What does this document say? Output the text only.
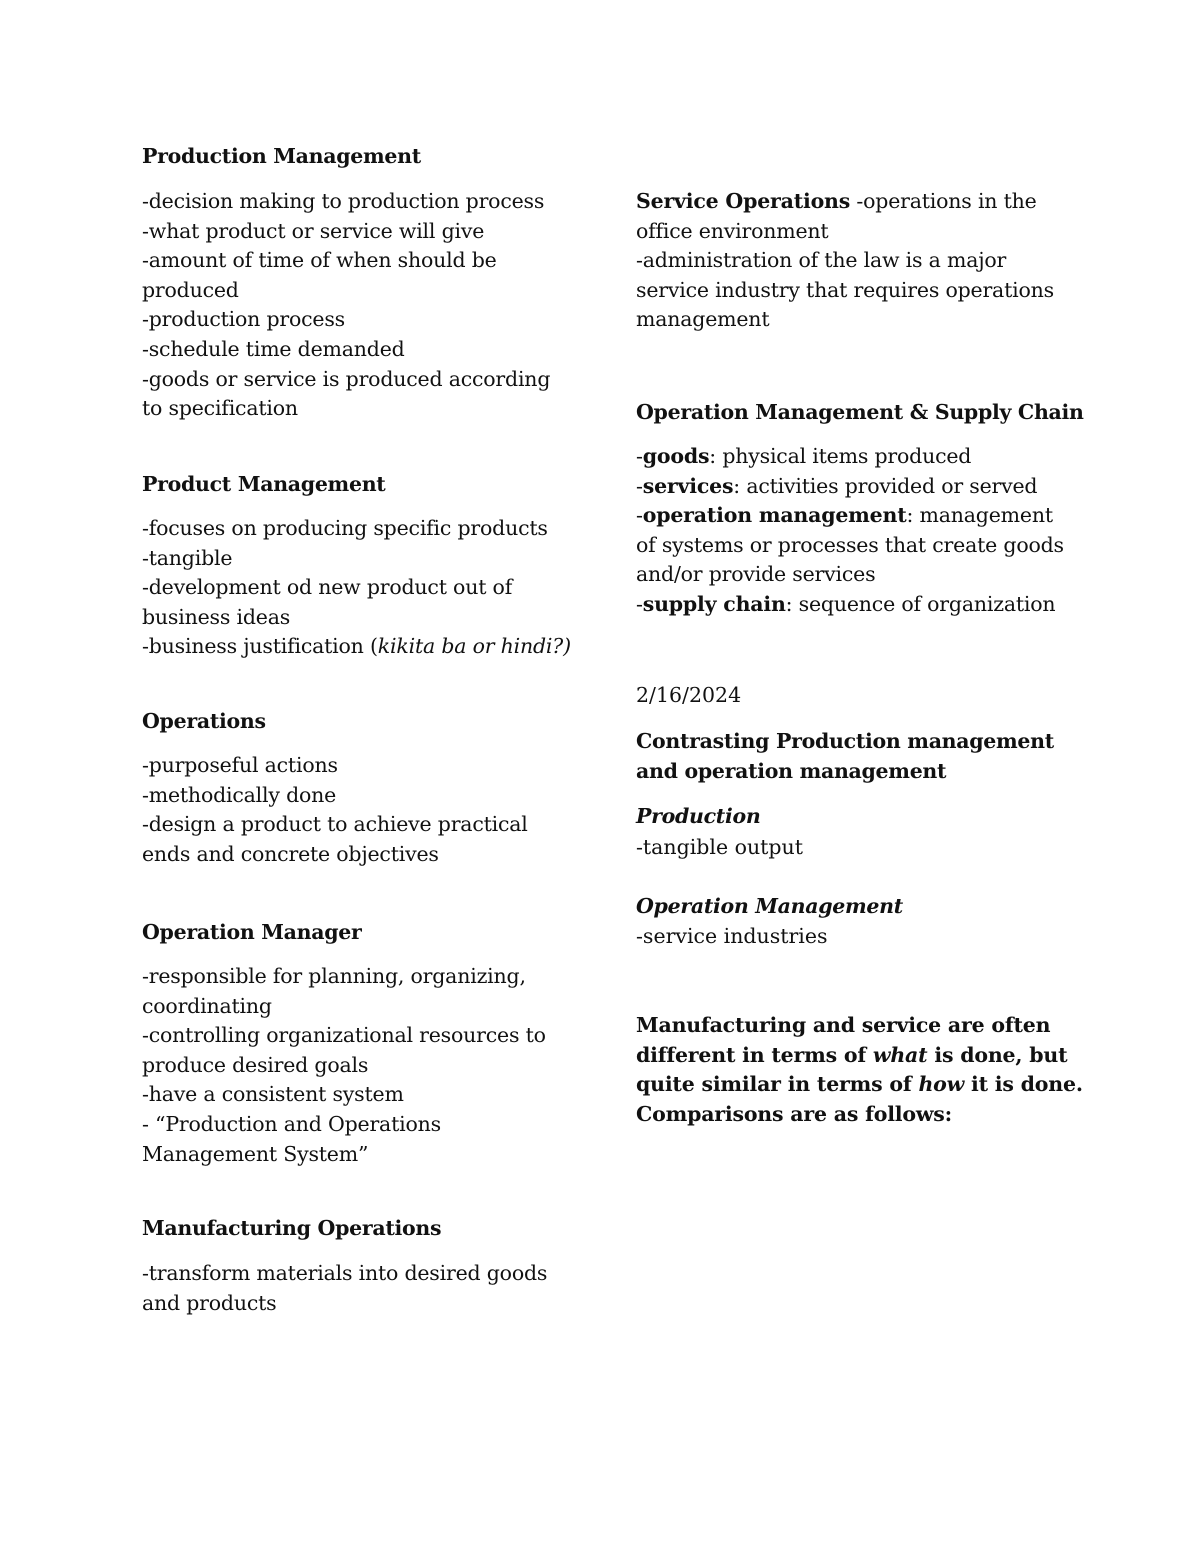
Production Management
-decision making to production process
-what product or service will give
-amount of time of when should be
produced
-production process
-schedule time demanded
-goods or service is produced according
to specification
Product Management
-focuses on producing specific products
-tangible
-development od new product out of
business ideas
-business justification (kikita ba or hindi?)
Operations
-purposeful actions
-methodically done
-design a product to achieve practical
ends and concrete objectives
Operation Manager
-responsible for planning, organizing,
coordinating
-controlling organizational resources to
produce desired goals
-have a consistent system
- “Production and Operations
Management System”
Manufacturing Operations
-transform materials into desired goods
and products
Service Operations -operations in the
office environment
-administration of the law is a major
service industry that requires operations
management
Operation Management & Supply Chain
-goods: physical items produced
-services: activities provided or served
-operation management: management
of systems or processes that create goods
and/or provide services
-supply chain: sequence of organization
2/16/2024
Contrasting Production management
and operation management
Production
-tangible output
Operation Management
-service industries
Manufacturing and service are often
different in terms of what is done, but
quite similar in terms of how it is done.
Comparisons are as follows:
